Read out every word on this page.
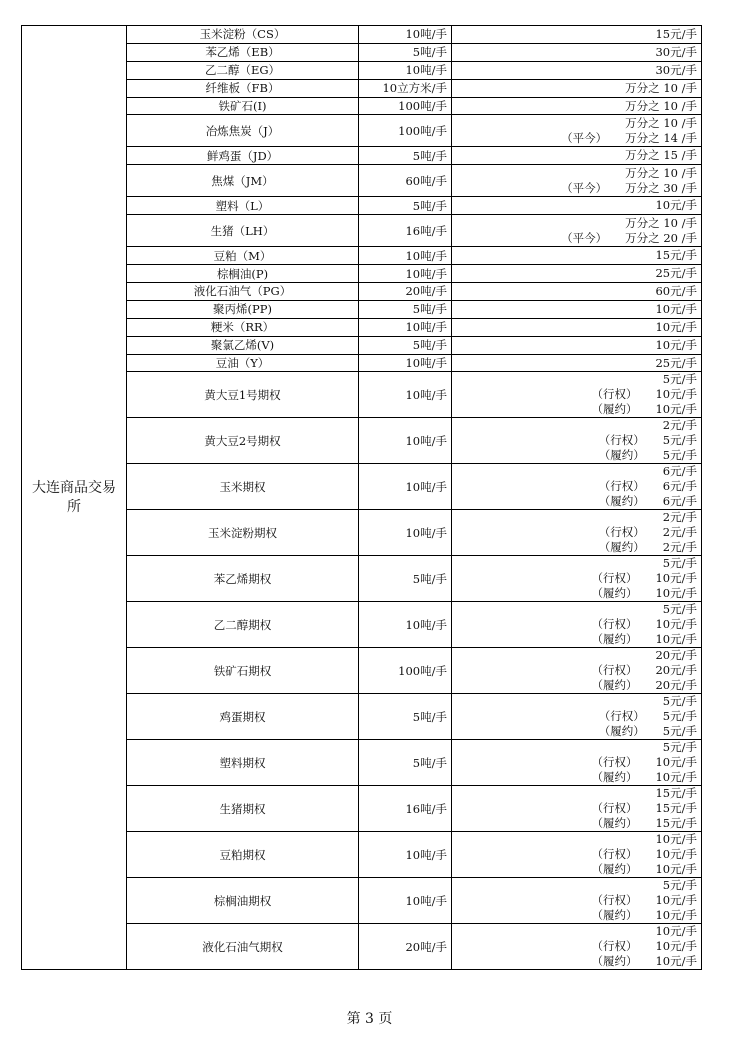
大连商品交易所	玉米淀粉（CS）	10吨/手	15元/手

	苯乙烯（EB）	5吨/手	30元/手

	乙二醇（EG）	10吨/手	30元/手

	纤维板（FB）	10立方米/手	万分之 10 /手

	铁矿石(I)	100吨/手	万分之 10 /手

	冶炼焦炭（J）	100吨/手	万分之 10 /手
（平今） 万分之 14 /手

	鲜鸡蛋（JD）	5吨/手	万分之 15 /手

	焦煤（JM）	60吨/手	万分之 10 /手
（平今） 万分之 30 /手

	塑料（L）	5吨/手	10元/手

	生猪（LH）	16吨/手	万分之 10 /手
（平今） 万分之 20 /手

	豆粕（M）	10吨/手	15元/手

	棕榈油(P)	10吨/手	25元/手

	液化石油气（PG）	20吨/手	60元/手

	聚丙烯(PP)	5吨/手	10元/手

	粳米（RR）	10吨/手	10元/手

	聚氯乙烯(V)	5吨/手	10元/手

	豆油（Y）	10吨/手	25元/手

	黄大豆1号期权	10吨/手	5元/手
（行权） 10元/手
（履约） 10元/手

	黄大豆2号期权	10吨/手	2元/手
（行权） 5元/手
（履约） 5元/手

	玉米期权	10吨/手	6元/手
（行权） 6元/手
（履约） 6元/手

	玉米淀粉期权	10吨/手	2元/手
（行权） 2元/手
（履约） 2元/手

	苯乙烯期权	5吨/手	5元/手
（行权） 10元/手
（履约） 10元/手

	乙二醇期权	10吨/手	5元/手
（行权） 10元/手
（履约） 10元/手

	铁矿石期权	100吨/手	20元/手
（行权） 20元/手
（履约） 20元/手

	鸡蛋期权	5吨/手	5元/手
（行权） 5元/手
（履约） 5元/手

	塑料期权	5吨/手	5元/手
（行权） 10元/手
（履约） 10元/手

	生猪期权	16吨/手	15元/手
（行权） 15元/手
（履约） 15元/手

	豆粕期权	10吨/手	10元/手
（行权） 10元/手
（履约） 10元/手

	棕榈油期权	10吨/手	5元/手
（行权） 10元/手
（履约） 10元/手

	液化石油气期权	20吨/手	10元/手
（行权） 10元/手
（履约） 10元/手
第 3 页
